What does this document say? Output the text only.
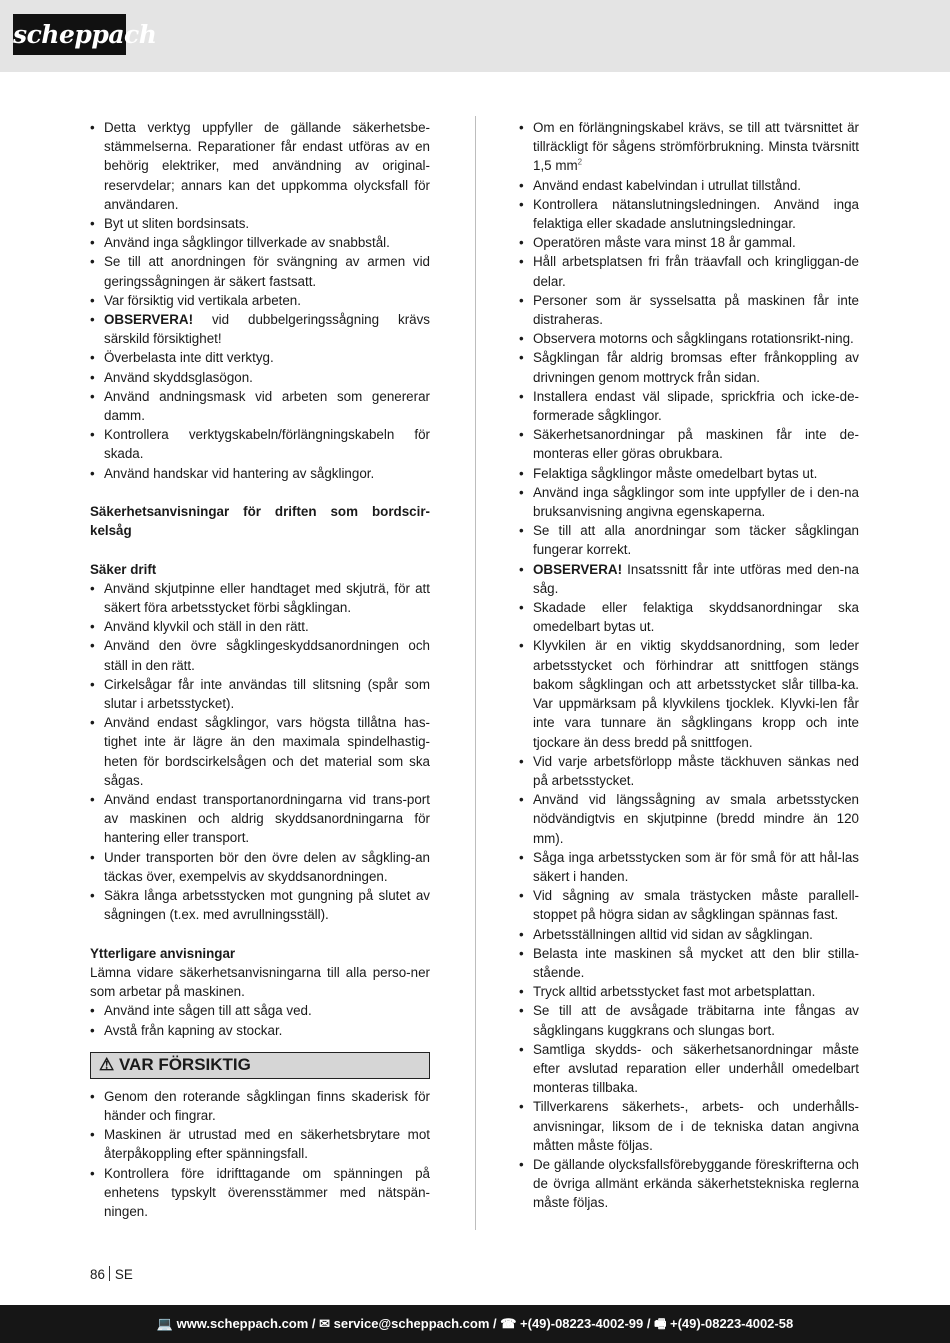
scheppach
• Detta verktyg uppfyller de gällande säkerhetsbe-stämmelserna. Reparationer får endast utföras av en behörig elektriker, med användning av original-reservdelar; annars kan det uppkomma olycksfall för användaren.
• Byt ut sliten bordsinsats.
• Använd inga sågklingor tillverkade av snabbstål.
• Se till att anordningen för svängning av armen vid geringssågningen är säkert fastsatt.
• Var försiktig vid vertikala arbeten.
• OBSERVERA! vid dubbelgeringssågning krävs särskild försiktighet!
• Överbelasta inte ditt verktyg.
• Använd skyddsglasögon.
• Använd andningsmask vid arbeten som genererar damm.
• Kontrollera verktygskabeln/förlängningskabeln för skada.
• Använd handskar vid hantering av sågklingor.
Säkerhetsanvisningar för driften som bordscir-kelsåg
Säker drift
• Använd skjutpinne eller handtaget med skjuträ, för att säkert föra arbetsstycket förbi sågklingan.
• Använd klyvkil och ställ in den rätt.
• Använd den övre sågklingeskyddsanordningen och ställ in den rätt.
• Cirkelsågar får inte användas till slitsning (spår som slutar i arbetsstycket).
• Använd endast sågklingor, vars högsta tillåtna has-tighet inte är lägre än den maximala spindelhastig-heten för bordscirkelsågen och det material som ska sågas.
• Använd endast transportanordningarna vid trans-port av maskinen och aldrig skyddsanordningarna för hantering eller transport.
• Under transporten bör den övre delen av sågkling-an täckas över, exempelvis av skyddsanordningen.
• Säkra långa arbetsstycken mot gungning på slutet av sågningen (t.ex. med avrullningsställ).
Ytterligare anvisningar
Lämna vidare säkerhetsanvisningarna till alla perso-ner som arbetar på maskinen.
• Använd inte sågen till att såga ved.
• Avstå från kapning av stockar.
⚠ VAR FÖRSIKTIG
• Genom den roterande sågklingan finns skaderisk för händer och fingrar.
• Maskinen är utrustad med en säkerhetsbrytare mot återpåkoppling efter spänningsfall.
• Kontrollera före idrifttagande om spänningen på enhetens typskylt överensstämmer med nätspän-ningen.
• Om en förlängningskabel krävs, se till att tvärsnittet är tillräckligt för sågens strömförbrukning. Minsta tvärsnitt 1,5 $mm^2$
• Använd endast kabelvindan i utrullat tillstånd.
• Kontrollera nätanslutningsledningen. Använd inga felaktiga eller skadade anslutningsledningar.
• Operatören måste vara minst 18 år gammal.
• Håll arbetsplatsen fri från träavfall och kringliggan-de delar.
• Personer som är sysselsatta på maskinen får inte distraheras.
• Observera motorns och sågklingans rotationsrikt-ning.
• Sågklingan får aldrig bromsas efter frånkoppling av drivningen genom mottryck från sidan.
• Installera endast väl slipade, sprickfria och icke-de-formerade sågklingor.
• Säkerhetsanordningar på maskinen får inte de-monteras eller göras obrukbara.
• Felaktiga sågklingor måste omedelbart bytas ut.
• Använd inga sågklingor som inte uppfyller de i den-na bruksanvisning angivna egenskaperna.
• Se till att alla anordningar som täcker sågklingan fungerar korrekt.
• OBSERVERA! Insatssnitt får inte utföras med den-na såg.
• Skadade eller felaktiga skyddsanordningar ska omedelbart bytas ut.
• Klyvkilen är en viktig skyddsanordning, som leder arbetsstycket och förhindrar att snittfogen stängs bakom sågklingan och att arbetsstycket slår tillba-ka. Var uppmärksam på klyvkilens tjocklek. Klyvki-len får inte vara tunnare än sågklingans kropp och inte tjockare än dess bredd på snittfogen.
• Vid varje arbetsförlopp måste täckhuven sänkas ned på arbetsstycket.
• Använd vid längssågning av smala arbetsstycken nödvändigtvis en skjutpinne (bredd mindre än 120 mm).
• Såga inga arbetsstycken som är för små för att hål-las säkert i handen.
• Vid sågning av smala trästycken måste parallell-stoppet på högra sidan av sågklingan spännas fast.
• Arbetsställningen alltid vid sidan av sågklingan.
• Belasta inte maskinen så mycket att den blir stilla-stående.
• Tryck alltid arbetsstycket fast mot arbetsplattan.
• Se till att de avsågade träbitarna inte fångas av sågklingans kuggkrans och slungas bort.
• Samtliga skydds- och säkerhetsanordningar måste efter avslutad reparation eller underhåll omedelbart monteras tillbaka.
• Tillverkarens säkerhets-, arbets- och underhålls-anvisningar, liksom de i de tekniska datan angivna måtten måste följas.
• De gällande olycksfallsförebyggande föreskrifterna och de övriga allmänt erkända säkerhetstekniska reglerna måste följas.
86 SE
💻 www.scheppach.com / ✉ service@scheppach.com / ☎ +(49)-08223-4002-99 / 🖷 +(49)-08223-4002-58
